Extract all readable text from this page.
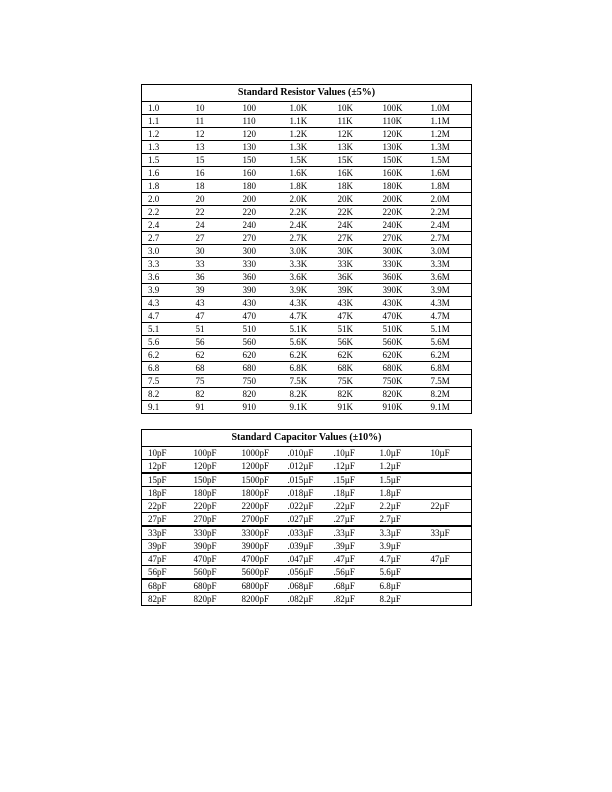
Standard Resistor Values (±5%)						
1.0	10	100	1.0K	10K	100K	1.0M
1.1	11	110	1.1K	11K	110K	1.1M
1.2	12	120	1.2K	12K	120K	1.2M
1.3	13	130	1.3K	13K	130K	1.3M
1.5	15	150	1.5K	15K	150K	1.5M
1.6	16	160	1.6K	16K	160K	1.6M
1.8	18	180	1.8K	18K	180K	1.8M
2.0	20	200	2.0K	20K	200K	2.0M
2.2	22	220	2.2K	22K	220K	2.2M
2.4	24	240	2.4K	24K	240K	2.4M
2.7	27	270	2.7K	27K	270K	2.7M
3.0	30	300	3.0K	30K	300K	3.0M
3.3	33	330	3.3K	33K	330K	3.3M
3.6	36	360	3.6K	36K	360K	3.6M
3.9	39	390	3.9K	39K	390K	3.9M
4.3	43	430	4.3K	43K	430K	4.3M
4.7	47	470	4.7K	47K	470K	4.7M
5.1	51	510	5.1K	51K	510K	5.1M
5.6	56	560	5.6K	56K	560K	5.6M
6.2	62	620	6.2K	62K	620K	6.2M
6.8	68	680	6.8K	68K	680K	6.8M
7.5	75	750	7.5K	75K	750K	7.5M
8.2	82	820	8.2K	82K	820K	8.2M
9.1	91	910	9.1K	91K	910K	9.1M
Standard Capacitor Values (±10%)						
10pF	100pF	1000pF	.010µF	.10µF	1.0µF	10µF
12pF	120pF	1200pF	.012µF	.12µF	1.2µF	
15pF	150pF	1500pF	.015µF	.15µF	1.5µF	
18pF	180pF	1800pF	.018µF	.18µF	1.8µF	
22pF	220pF	2200pF	.022µF	.22µF	2.2µF	22µF
27pF	270pF	2700pF	.027µF	.27µF	2.7µF	
33pF	330pF	3300pF	.033µF	.33µF	3.3µF	33µF
39pF	390pF	3900pF	.039µF	.39µF	3.9µF	
47pF	470pF	4700pF	.047µF	.47µF	4.7µF	47µF
56pF	560pF	5600pF	.056µF	.56µF	5.6µF	
68pF	680pF	6800pF	.068µF	.68µF	6.8µF	
82pF	820pF	8200pF	.082µF	.82µF	8.2µF	
